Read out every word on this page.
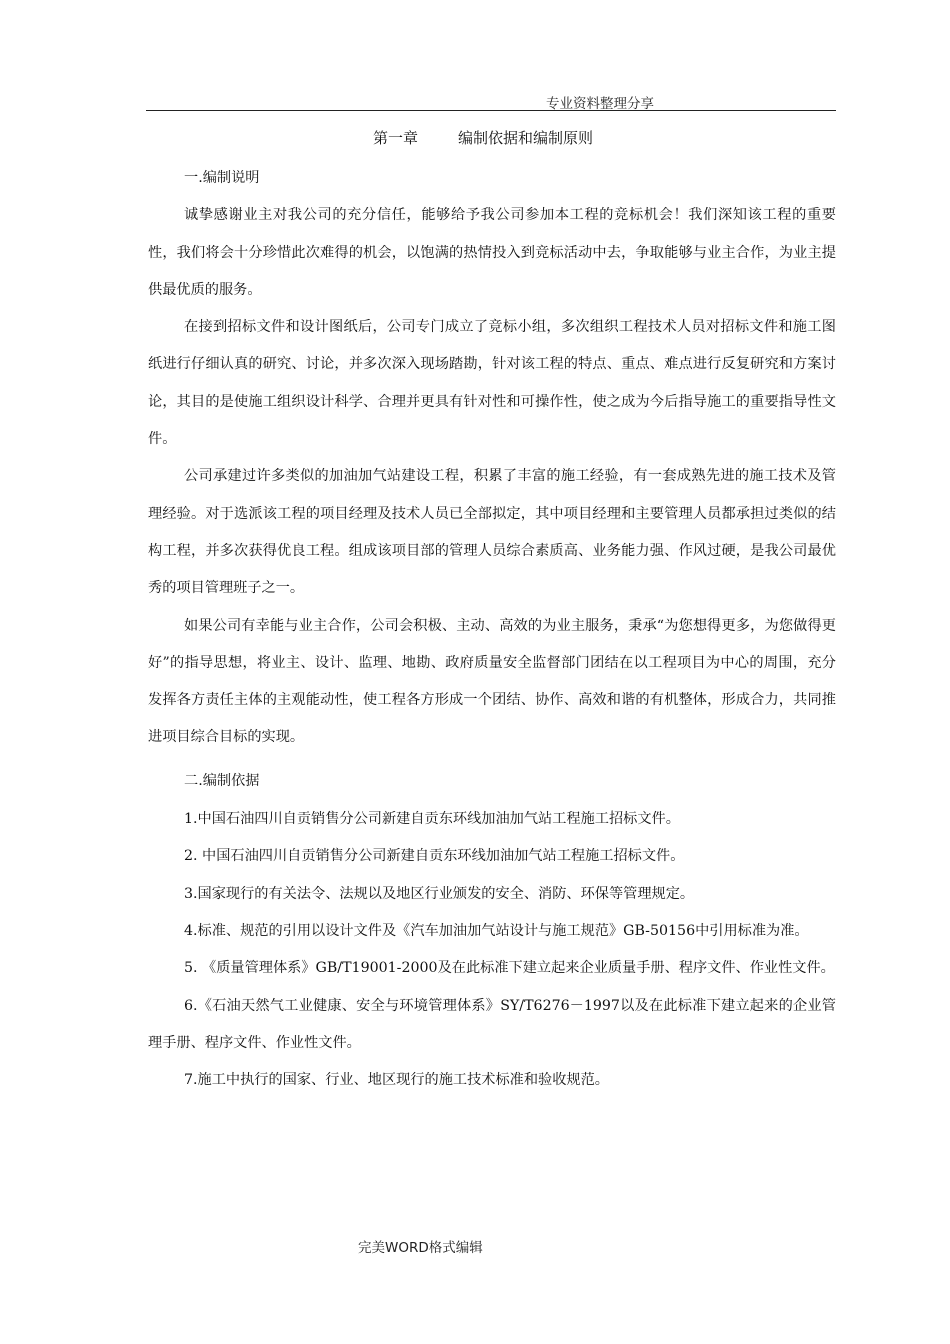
专业资料整理分享
第一章	编制依据和编制原则

一.编制说明

诚挚感谢业主对我公司的充分信任，能够给予我公司参加本工程的竞标机会！我们深知该工程的重要性，我们将会十分珍惜此次难得的机会，以饱满的热情投入到竞标活动中去，争取能够与业主合作，为业主提供最优质的服务。

在接到招标文件和设计图纸后，公司专门成立了竞标小组，多次组织工程技术人员对招标文件和施工图纸进行仔细认真的研究、讨论，并多次深入现场踏勘，针对该工程的特点、重点、难点进行反复研究和方案讨论，其目的是使施工组织设计科学、合理并更具有针对性和可操作性，使之成为今后指导施工的重要指导性文件。

公司承建过许多类似的加油加气站建设工程，积累了丰富的施工经验，有一套成熟先进的施工技术及管理经验。对于选派该工程的项目经理及技术人员已全部拟定，其中项目经理和主要管理人员都承担过类似的结构工程，并多次获得优良工程。组成该项目部的管理人员综合素质高、业务能力强、作风过硬，是我公司最优秀的项目管理班子之一。

如果公司有幸能与业主合作，公司会积极、主动、高效的为业主服务，秉承“为您想得更多，为您做得更好”的指导思想，将业主、设计、监理、地勘、政府质量安全监督部门团结在以工程项目为中心的周围，充分发挥各方责任主体的主观能动性，使工程各方形成一个团结、协作、高效和谐的有机整体，形成合力，共同推进项目综合目标的实现。

二.编制依据

1.中国石油四川自贡销售分公司新建自贡东环线加油加气站工程施工招标文件。

2. 中国石油四川自贡销售分公司新建自贡东环线加油加气站工程施工招标文件。

3.国家现行的有关法令、法规以及地区行业颁发的安全、消防、环保等管理规定。

4.标准、规范的引用以设计文件及《汽车加油加气站设计与施工规范》GB-50156中引用标准为准。

5. 《质量管理体系》GB/T19001-2000及在此标准下建立起来企业质量手册、程序文件、作业性文件。

6.《石油天然气工业健康、安全与环境管理体系》SY/T6276－1997以及在此标准下建立起来的企业管理手册、程序文件、作业性文件。

7.施工中执行的国家、行业、地区现行的施工技术标准和验收规范。

完美WORD格式编辑
